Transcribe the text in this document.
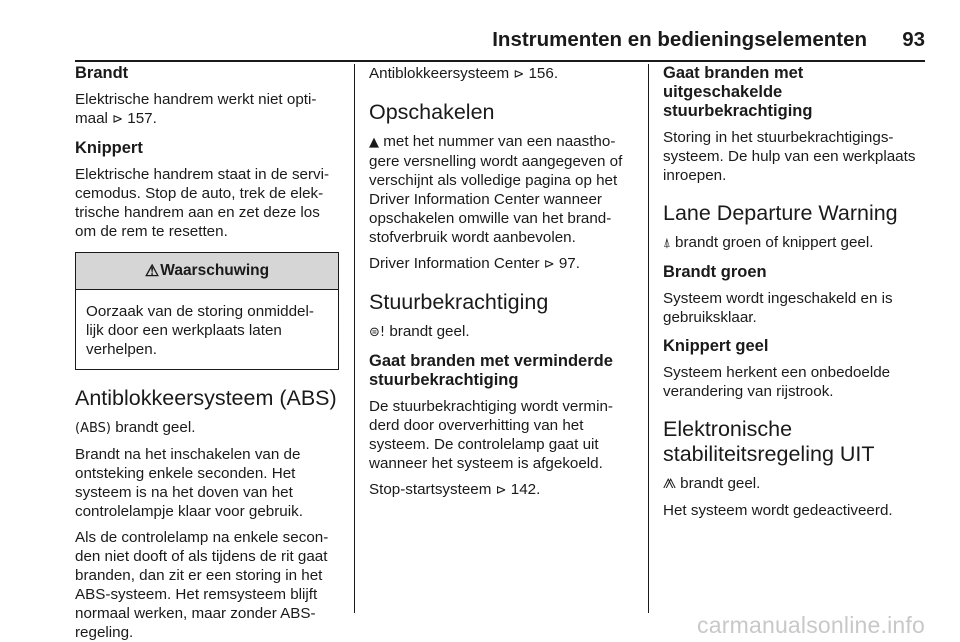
Instrumenten en bedieningselementen 93

Brandt

Elektrische handrem werkt niet opti‐
maal ⊳ 157.

Knippert

Elektrische handrem staat in de servi‐
cemodus. Stop de auto, trek de elek‐
trische handrem aan en zet deze los
om de rem te resetten.

⚠ Waarschuwing

Oorzaak van de storing onmiddel‐
lijk door een werkplaats laten
verhelpen.

Antiblokkeersysteem (ABS)

(ABS) brandt geel.

Brandt na het inschakelen van de
ontsteking enkele seconden. Het
systeem is na het doven van het
controlelampje klaar voor gebruik.

Als de controlelamp na enkele secon‐
den niet dooft of als tijdens de rit gaat
branden, dan zit er een storing in het
ABS-systeem. Het remsysteem blijft
normaal werken, maar zonder ABS-
regeling.

Antiblokkeersysteem ⊳ 156.

Opschakelen

▲ met het nummer van een naastho‐
gere versnelling wordt aangegeven of
verschijnt als volledige pagina op het
Driver Information Center wanneer
opschakelen omwille van het brand‐
stofverbruik wordt aanbevolen.

Driver Information Center ⊳ 97.

Stuurbekrachtiging

⊜! brandt geel.

Gaat branden met verminderde
stuurbekrachtiging

De stuurbekrachtiging wordt vermin‐
derd door oververhitting van het
systeem. De controlelamp gaat uit
wanneer het systeem is afgekoeld.

Stop-startsysteem ⊳ 142.

Gaat branden met
uitgeschakelde
stuurbekrachtiging

Storing in het stuurbekrachtigings‐
systeem. De hulp van een werkplaats
inroepen.

Lane Departure Warning

⍋ brandt groen of knippert geel.

Brandt groen

Systeem wordt ingeschakeld en is
gebruiksklaar.

Knippert geel

Systeem herkent een onbedoelde
verandering van rijstrook.

Elektronische
stabiliteitsregeling UIT

⨇ brandt geel.

Het systeem wordt gedeactiveerd.

carmanualsonline.info
